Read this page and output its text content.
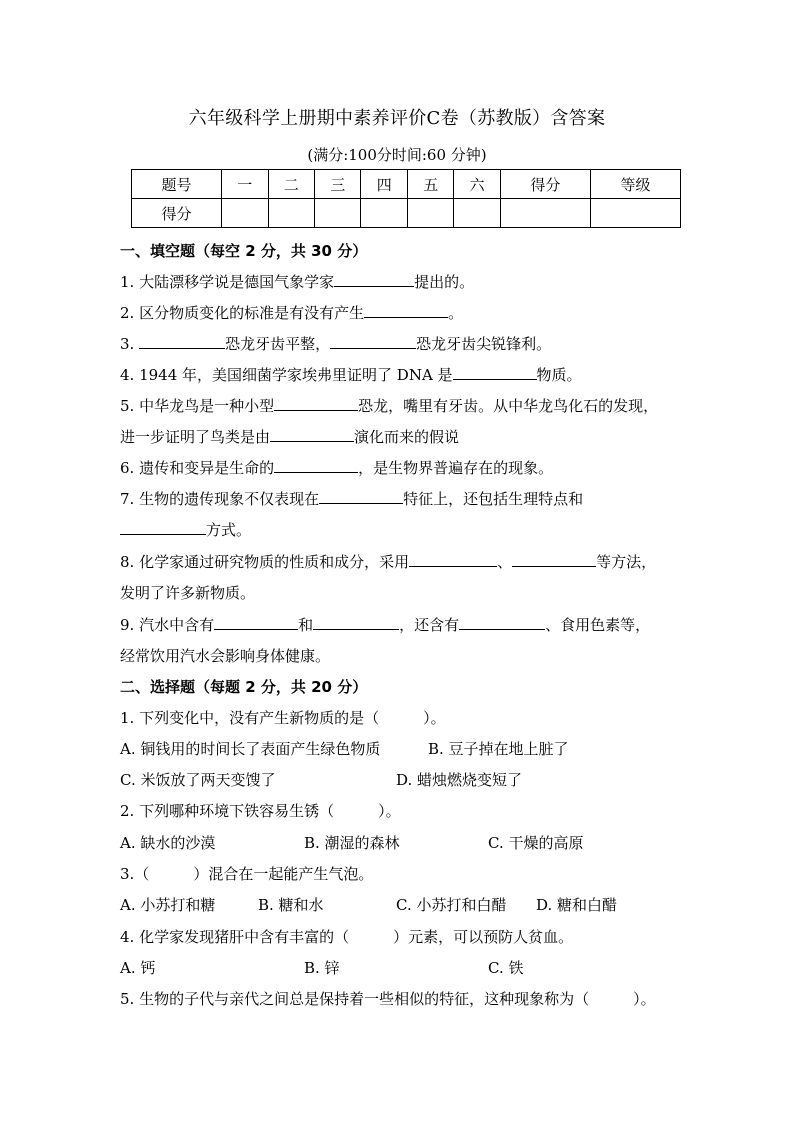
六年级科学上册期中素养评价C卷（苏教版）含答案
(满分:100分时间:60 分钟)
题号	一	二	三	四	五	六	得分	等级
得分								
一、填空题（每空 2 分，共 30 分）
1. 大陆漂移学说是德国气象学家	提出的。
2. 区分物质变化的标准是有没有产生	。
3.	恐龙牙齿平整，	恐龙牙齿尖锐锋利。
4. 1944 年，美国细菌学家埃弗里证明了 DNA 是	物质。
5. 中华龙鸟是一种小型	恐龙，嘴里有牙齿。从中华龙鸟化石的发现，
进一步证明了鸟类是由	演化而来的假说
6. 遗传和变异是生命的	，是生物界普遍存在的现象。
7. 生物的遗传现象不仅表现在	特征上，还包括生理特点和
方式。
8. 化学家通过研究物质的性质和成分，采用	、	等方法，
发明了许多新物质。
9. 汽水中含有	和	，还含有	、食用色素等，
经常饮用汽水会影响身体健康。
二、选择题（每题 2 分，共 20 分）
1. 下列变化中，没有产生新物质的是（	）。
A. 铜钱用的时间长了表面产生绿色物质	B. 豆子掉在地上脏了
C. 米饭放了两天变馊了	D. 蜡烛燃烧变短了
2. 下列哪种环境下铁容易生锈（	）。
A. 缺水的沙漠	B. 潮湿的森林	C. 干燥的高原
3.（	）混合在一起能产生气泡。
A. 小苏打和糖	B. 糖和水	C. 小苏打和白醋 D. 糖和白醋
4. 化学家发现猪肝中含有丰富的（	）元素，可以预防人贫血。
A. 钙	B. 锌	C. 铁
5. 生物的子代与亲代之间总是保持着一些相似的特征，这种现象称为（	）。
